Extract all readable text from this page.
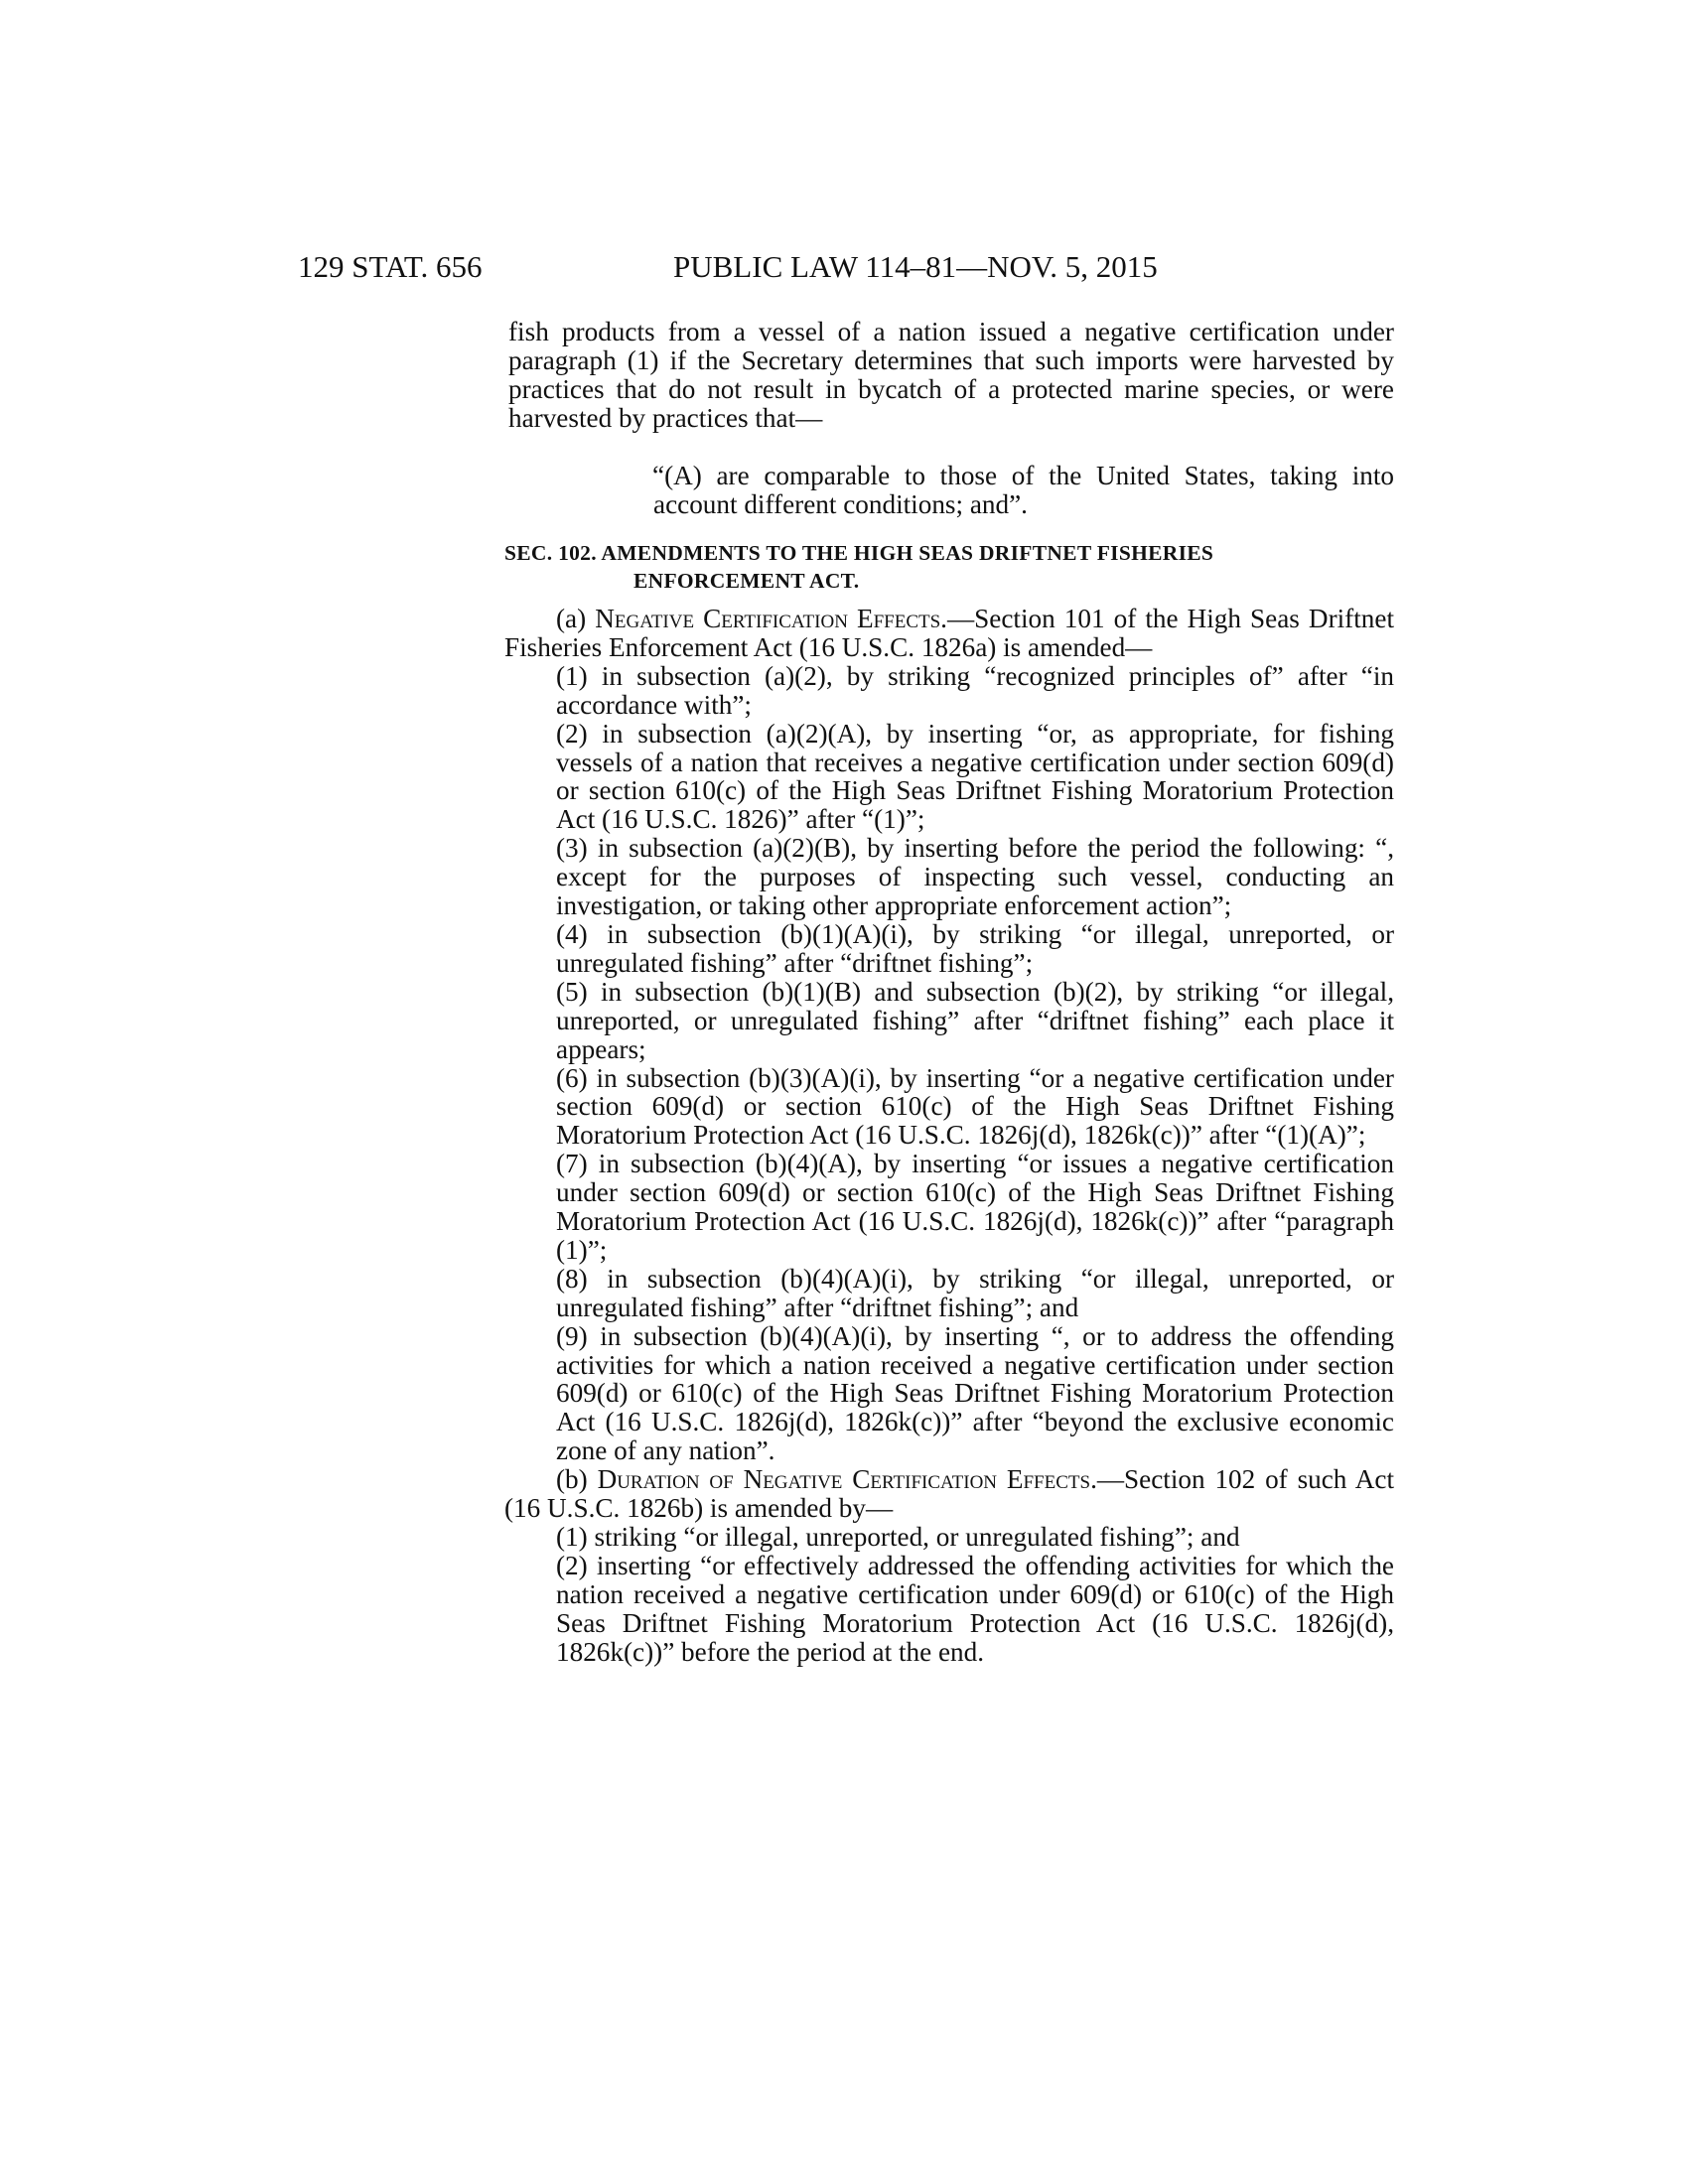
129 STAT. 656	PUBLIC LAW 114–81—NOV. 5, 2015

fish products from a vessel of a nation issued a negative certification under paragraph (1) if the Secretary determines that such imports were harvested by practices that do not result in bycatch of a protected marine species, or were harvested by practices that—

“(A) are comparable to those of the United States, taking into account different conditions; and”.

SEC. 102. AMENDMENTS TO THE HIGH SEAS DRIFTNET FISHERIES
ENFORCEMENT ACT.

(a) Negative Certification Effects.—Section 101 of the High Seas Driftnet Fisheries Enforcement Act (16 U.S.C. 1826a) is amended—

(1) in subsection (a)(2), by striking “recognized principles of” after “in accordance with”;

(2) in subsection (a)(2)(A), by inserting “or, as appropriate, for fishing vessels of a nation that receives a negative certification under section 609(d) or section 610(c) of the High Seas Driftnet Fishing Moratorium Protection Act (16 U.S.C. 1826)” after “(1)”;

(3) in subsection (a)(2)(B), by inserting before the period the following: “, except for the purposes of inspecting such vessel, conducting an investigation, or taking other appropriate enforcement action”;

(4) in subsection (b)(1)(A)(i), by striking “or illegal, unreported, or unregulated fishing” after “driftnet fishing”;

(5) in subsection (b)(1)(B) and subsection (b)(2), by striking “or illegal, unreported, or unregulated fishing” after “driftnet fishing” each place it appears;

(6) in subsection (b)(3)(A)(i), by inserting “or a negative certification under section 609(d) or section 610(c) of the High Seas Driftnet Fishing Moratorium Protection Act (16 U.S.C. 1826j(d), 1826k(c))” after “(1)(A)”;

(7) in subsection (b)(4)(A), by inserting “or issues a negative certification under section 609(d) or section 610(c) of the High Seas Driftnet Fishing Moratorium Protection Act (16 U.S.C. 1826j(d), 1826k(c))” after “paragraph (1)”;

(8) in subsection (b)(4)(A)(i), by striking “or illegal, unreported, or unregulated fishing” after “driftnet fishing”; and

(9) in subsection (b)(4)(A)(i), by inserting “, or to address the offending activities for which a nation received a negative certification under section 609(d) or 610(c) of the High Seas Driftnet Fishing Moratorium Protection Act (16 U.S.C. 1826j(d), 1826k(c))” after “beyond the exclusive economic zone of any nation”.

(b) Duration of Negative Certification Effects.—Section 102 of such Act (16 U.S.C. 1826b) is amended by—

(1) striking “or illegal, unreported, or unregulated fishing”; and

(2) inserting “or effectively addressed the offending activities for which the nation received a negative certification under 609(d) or 610(c) of the High Seas Driftnet Fishing Moratorium Protection Act (16 U.S.C. 1826j(d), 1826k(c))” before the period at the end.
